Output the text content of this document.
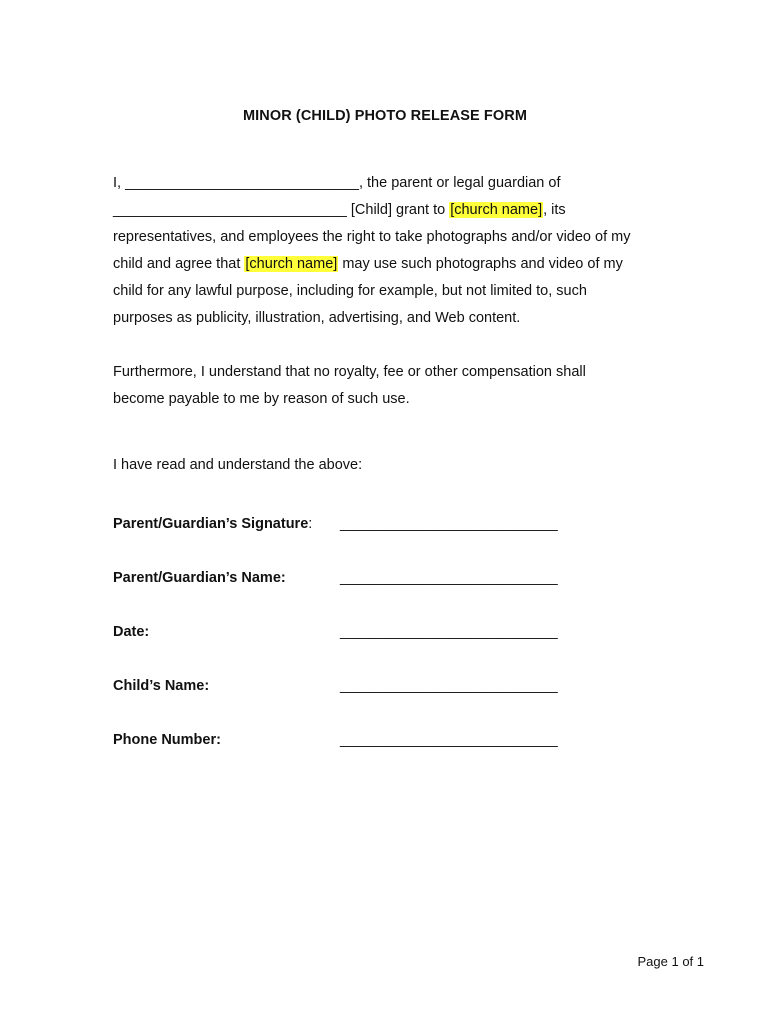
MINOR (CHILD) PHOTO RELEASE FORM

I, _____________________________, the parent or legal guardian of

_____________________________ [Child] grant to [church name], its

representatives, and employees the right to take photographs and/or video of my

child and agree that [church name] may use such photographs and video of my

child for any lawful purpose, including for example, but not limited to, such

purposes as publicity, illustration, advertising, and Web content.

Furthermore, I understand that no royalty, fee or other compensation shall

become payable to me by reason of such use.

I have read and understand the above:

Parent/Guardian’s Signature: ___________________________
Parent/Guardian’s Name:	___________________________
Date:	___________________________
Child’s Name:	___________________________
Phone Number:	___________________________
Page 1 of 1
